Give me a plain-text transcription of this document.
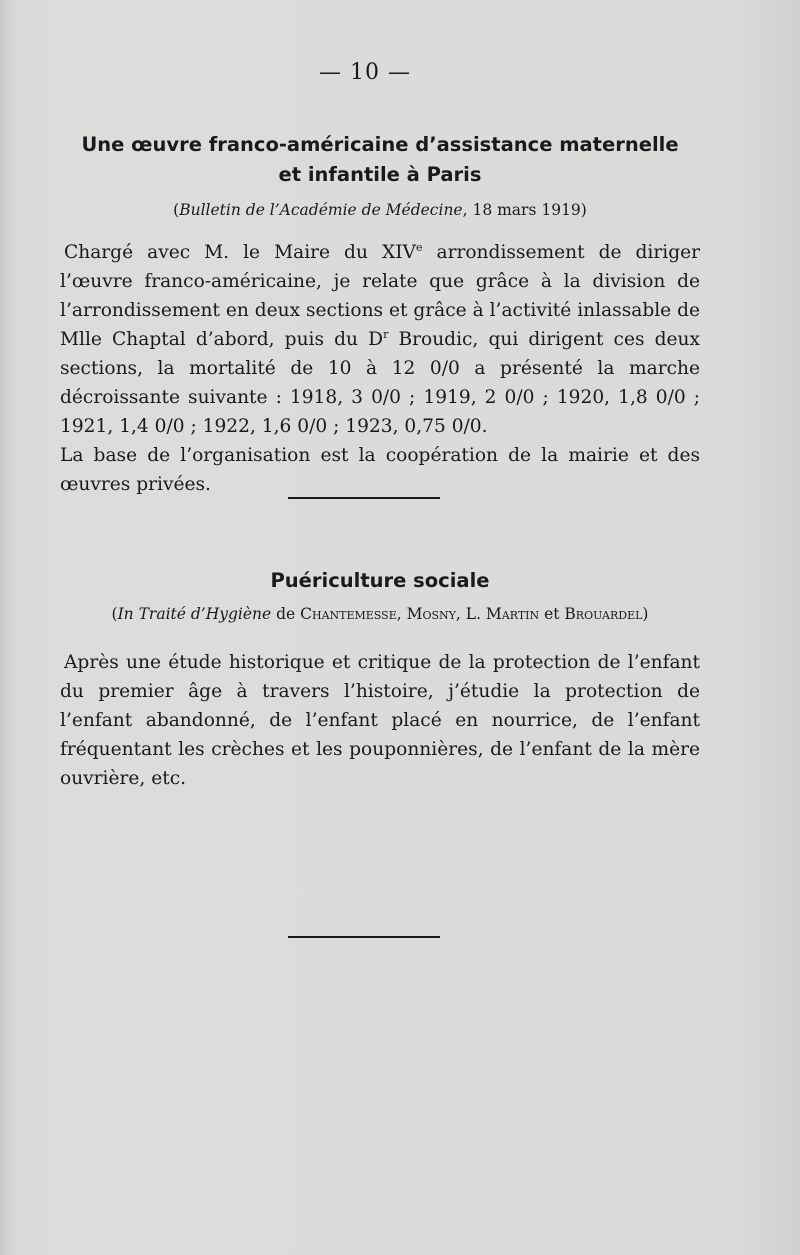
— 10 —
Une œuvre franco-américaine d’assistance maternelle
et infantile à Paris

(Bulletin de l’Académie de Médecine, 18 mars 1919)

Chargé avec M. le Maire du XIVe arrondissement de diriger l’œuvre franco-américaine, je relate que grâce à la division de l’arrondissement en deux sections et grâce à l’activité inlassable de Mlle Chaptal d’abord, puis du $D^r$ Broudic, qui dirigent ces deux sections, la mortalité de 10 à 12 0/0 a présenté la marche décroissante suivante : 1918, 3 0/0 ; 1919, 2 0/0 ; 1920, 1,8 0/0 ; 1921, 1,4 0/0 ; 1922, 1,6 0/0 ; 1923, 0,75 0/0.

La base de l’organisation est la coopération de la mairie et des œuvres privées.

Puériculture sociale

(In Traité d’Hygiène de Chantemesse, Mosny, L. Martin et Brouardel)

Après une étude historique et critique de la protection de l’enfant du premier âge à travers l’histoire, j’étudie la protection de l’enfant abandonné, de l’enfant placé en nourrice, de l’enfant fréquentant les crèches et les pouponnières, de l’enfant de la mère ouvrière, etc.
